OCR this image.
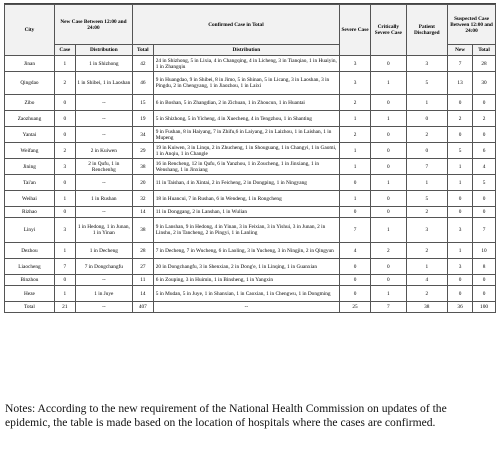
City	New Case Between 12:00 and 24:00		Confirmed Case in Total		Severe Case	Critically Severe Case	Patient Discharged	Suspected Case Between 12:00 and 24:00	
	Case	Distribution	Total	Distribution				New	Total
Jinan	1	1 in Shizhong	42	24 in Shizhong, 5 in Lixia, 4 in Changqing, 4 in Licheng, 3 in Tianqiao, 1 in Huaiyin, 1 in Zhangqiu	3	0	3	7	28
Qingdao	2	1 in Shibei, 1 in Laoshan	46	9 in Huangdao, 9 in Shibei, 8 in Jimo, 5 in Shinan, 5 in Licang, 3 in Laoshan, 3 in Pingdu, 2 in Chengyang, 1 in Jiaozhou, 1 in Laixi	3	1	5	13	30
Zibo	0	--	15	6 in Boshan, 5 in Zhangdian, 2 in Zichuan, 1 in Zhoucun, 1 in Huantai	2	0	1	0	0
Zaozhuang	0	--	19	5 in Shizhong, 5 in Yicheng, 4 in Xuecheng, 4 in Tengzhou, 1 in Shanting	1	1	0	2	2
Yantai	0	--	34	9 in Fushan, 8 in Haiyang, 7 in Zhifu,6 in Laiyang, 2 in Laizhou, 1 in Laishan, 1 in Mupeng	2	0	2	0	0
Weifang	2	2 in Kuiwen	29	19 in Kuiwen, 3 in Linqu, 2 in Zhucheng, 1 in Shouguang, 1 in Changyi, 1 in Gaomi, 1 in Anqiu, 1 in Changle	1	0	0	5	6
Jining	3	2 in Qufu, 1 in Renchenhg	38	16 in Rencheng, 12 in Qufu, 6 in Yanzhou, 1 in Zoucheng, 1 in Jinxiang, 1 in Wenshang, 1 in Jinxiang	1	0	7	1	4
Tai'an	0	--	20	11 in Taishan, 4 in Xintai, 2 in Feicheng, 2 in Dongping, 1 in Ningyang	0	1	1	1	5
Weihai	1	1 in Rushan	32	18 in Huancui, 7 in Rushan, 6 in Wendeng, 1 in Rongcheng	1	0	5	0	0
Rizhao	0	--	14	11 in Donggang, 2 in Lanshan, 1 in Wulian	0	0	2	0	0
Linyi	3	1 in Hedong, 1 in Junan, 1 in Yinan	38	9 in Lanshan, 9 in Hedong, 4 in Yinan, 3 in Feixian, 3 in Yishui, 3 in Junan, 2 in Linshu, 2 in Tancheng, 2 in Pingyi, 1 in Lanling	7	1	3	3	7
Dezhou	1	1 in Decheng	28	7 in Decheng, 7 in Wucheng, 6 in Laoling, 3 in Yucheng, 3 in Ningjin, 2 in Qingyun	4	2	2	1	10
Liaocheng	7	7 in Dongchangfu	27	20 in Dongchangfu, 3 in Shenxian, 2 in Dong'e, 1 in Linqing, 1 in Guanxian	0	0	1	3	8
Binzhou	0	--	11	6 in Zouping, 3 in Huimin, 1 in Binsheng, 1 in Yangxin	0	0	4	0	0
Heze	1	1 in Juye	14	5 in Mudan, 5 in Juye, 1 in Shanxian, 1 in Caoxian, 1 in Chengwu, 1 in Dongming	0	1	2	0	0
Total	21	--	407	--	25	7	38	36	100
Notes: According to the new requirement of the National Health Commission on updates of the epidemic, the table is made based on the location of hospitals where the cases are confirmed.
